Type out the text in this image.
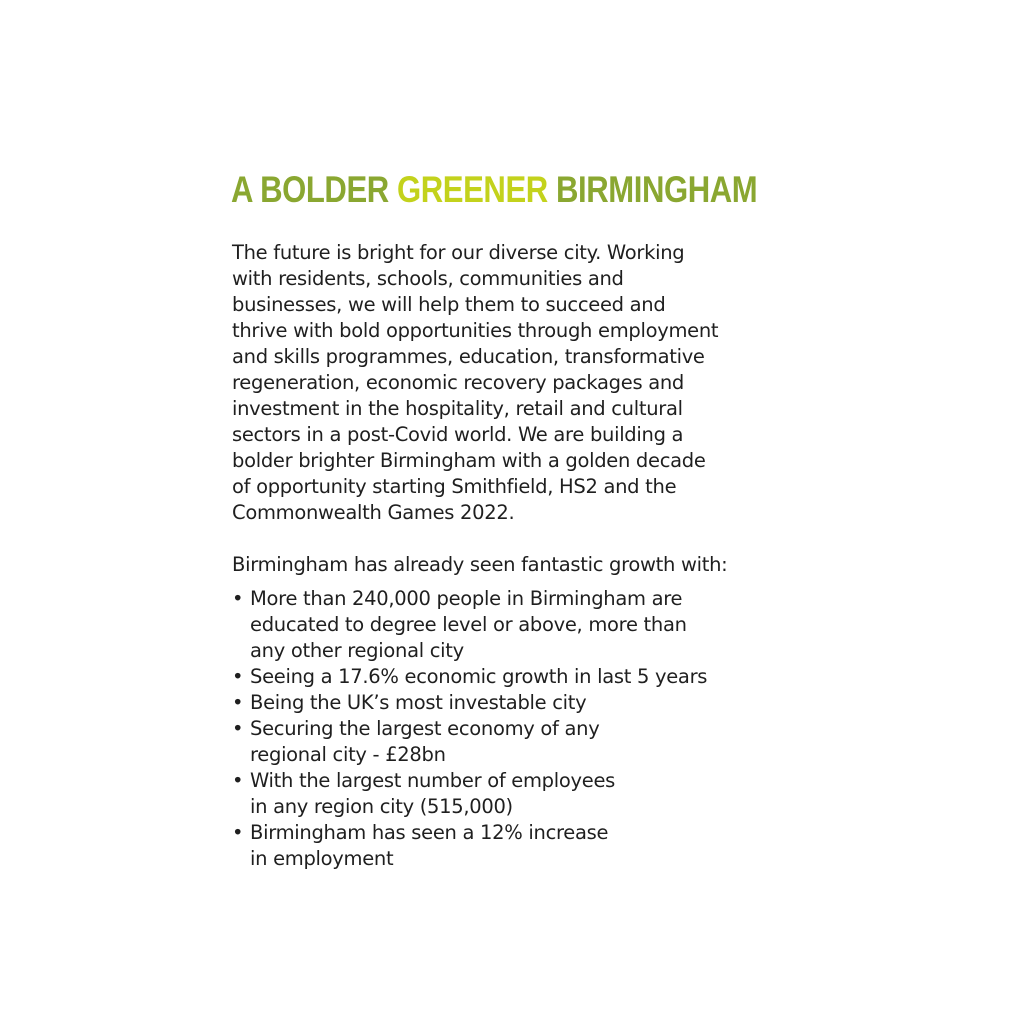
A BOLDER GREENER BIRMINGHAM
The future is bright for our diverse city. Working
with residents, schools, communities and
businesses, we will help them to succeed and
thrive with bold opportunities through employment
and skills programmes, education, transformative
regeneration, economic recovery packages and
investment in the hospitality, retail and cultural
sectors in a post-Covid world. We are building a
bolder brighter Birmingham with a golden decade
of opportunity starting Smithfield, HS2 and the
Commonwealth Games 2022.
Birmingham has already seen fantastic growth with:
• More than 240,000 people in Birmingham are
educated to degree level or above, more than
any other regional city
• Seeing a 17.6% economic growth in last 5 years
• Being the UK’s most investable city
• Securing the largest economy of any
regional city - £28bn
• With the largest number of employees
in any region city (515,000)
• Birmingham has seen a 12% increase
in employment
